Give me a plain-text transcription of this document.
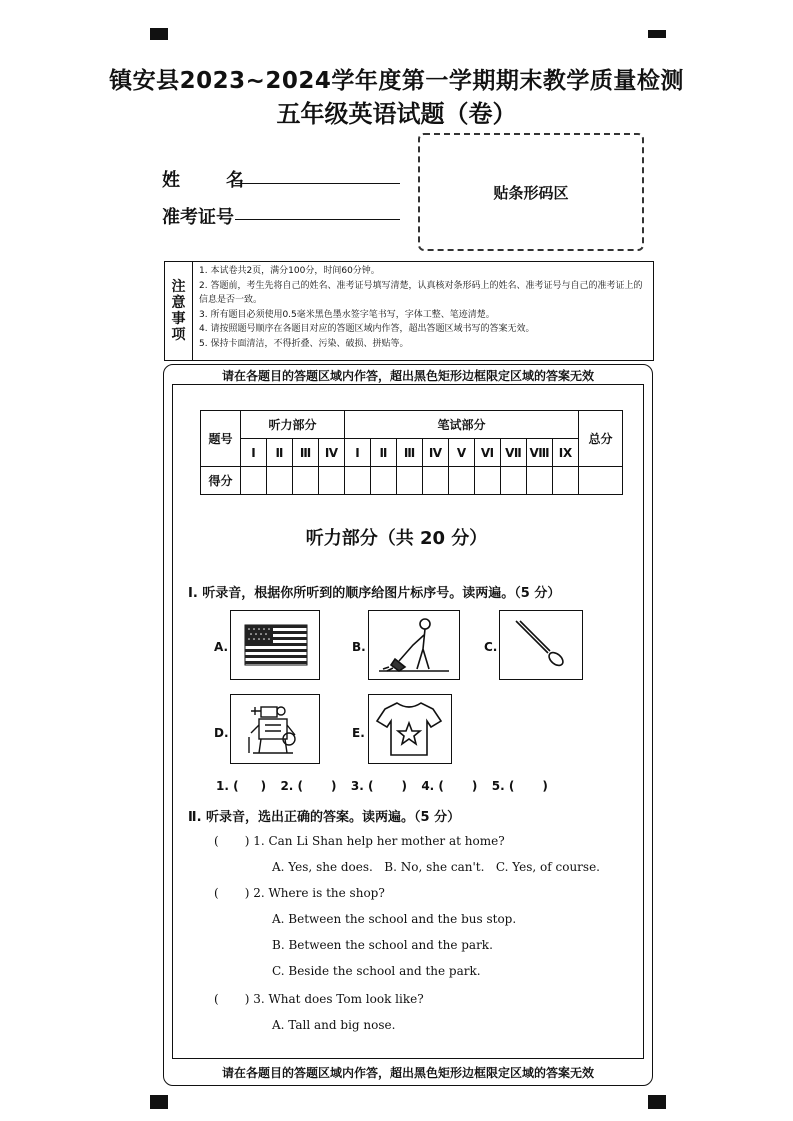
镇安县2023~2024学年度第一学期期末教学质量检测
五年级英语试题（卷）
姓　名
准考证号
贴条形码区
注
意
事
项
1. 本试卷共2页，满分100分，时间60分钟。
2. 答题前，考生先将自己的姓名、准考证号填写清楚，认真核对条形码上的姓名、准考证号与自己的准考证上的信息是否一致。
3. 所有题目必须使用0.5毫米黑色墨水签字笔书写，字体工整、笔迹清楚。
4. 请按照题号顺序在各题目对应的答题区域内作答，超出答题区域书写的答案无效。
5. 保持卡面清洁，不得折叠、污染、破损、拼贴等。
请在各题目的答题区域内作答，超出黑色矩形边框限定区域的答案无效
请在各题目的答题区域内作答，超出黑色矩形边框限定区域的答案无效
题号	听力部分				笔试部分									总分
	Ⅰ	Ⅱ	Ⅲ	Ⅳ	Ⅰ	Ⅱ	Ⅲ	Ⅳ	Ⅴ	Ⅵ	Ⅶ	Ⅷ	Ⅸ	
得分														
听力部分（共 20 分）
Ⅰ. 听录音，根据你所听到的顺序给图片标序号。读两遍。（5 分）
A.	B.	C.
D.	E.
1. ( ) 2. ( ) 3. ( ) 4. ( ) 5. ( )
Ⅱ. 听录音，选出正确的答案。读两遍。（5 分）
( ) 1. Can Li Shan help her mother at home?
A. Yes, she does.   B. No, she can't.   C. Yes, of course.
( ) 2. Where is the shop?
A. Between the school and the bus stop.
B. Between the school and the park.
C. Beside the school and the park.
( ) 3. What does Tom look like?
A. Tall and big nose.
